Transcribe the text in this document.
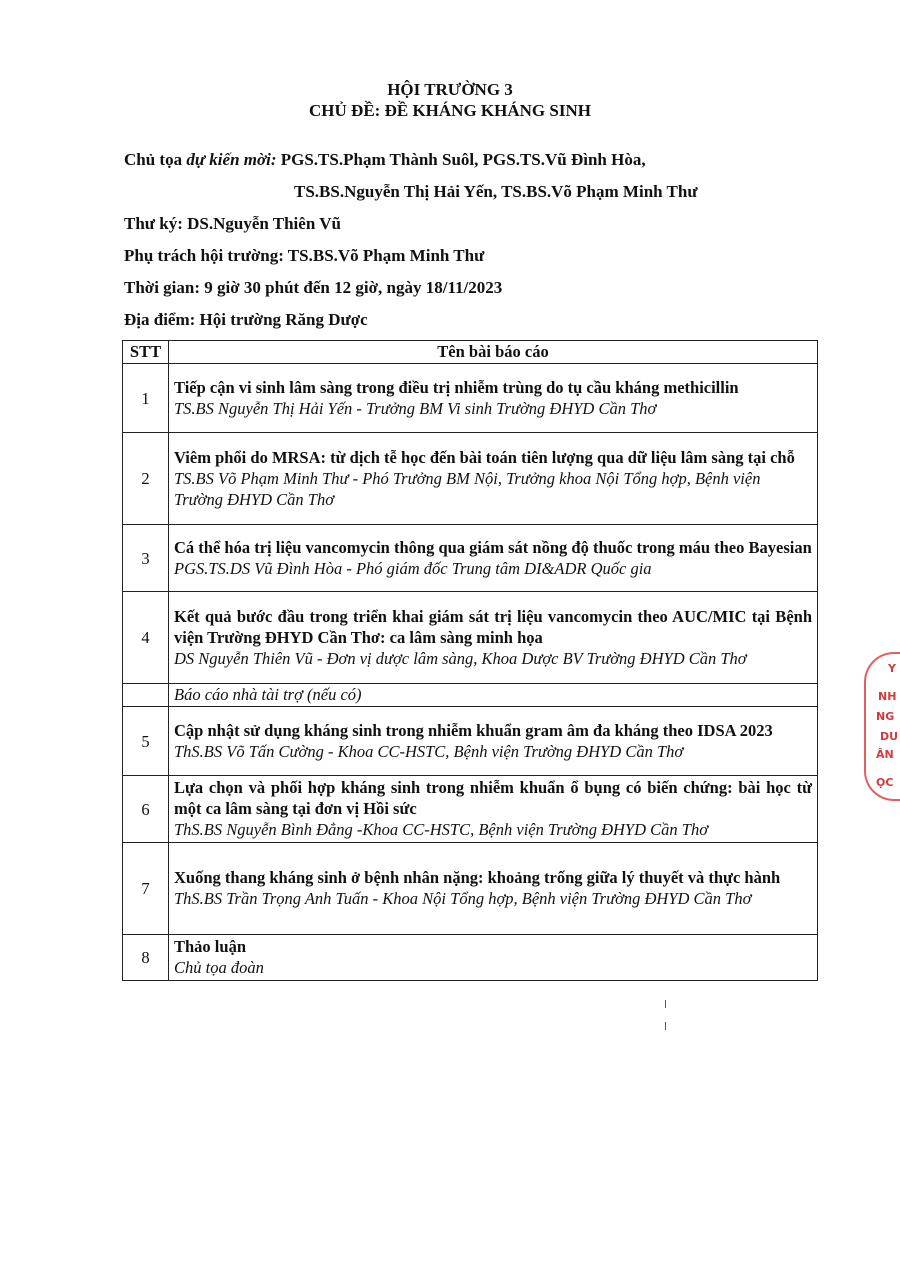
HỘI TRƯỜNG 3
CHỦ ĐỀ: ĐỀ KHÁNG KHÁNG SINH
Chủ tọa dự kiến mời: PGS.TS.Phạm Thành Suôl, PGS.TS.Vũ Đình Hòa,
TS.BS.Nguyễn Thị Hải Yến, TS.BS.Võ Phạm Minh Thư
Thư ký: DS.Nguyễn Thiên Vũ
Phụ trách hội trường: TS.BS.Võ Phạm Minh Thư
Thời gian: 9 giờ 30 phút đến 12 giờ, ngày 18/11/2023
Địa điểm: Hội trường Răng Dược
STT	Tên bài báo cáo
1	Tiếp cận vi sinh lâm sàng trong điều trị nhiễm trùng do tụ cầu kháng methicillin
TS.BS Nguyễn Thị Hải Yến - Trưởng BM Vi sinh Trường ĐHYD Cần Thơ

2	Viêm phổi do MRSA: từ dịch tễ học đến bài toán tiên lượng qua dữ liệu lâm sàng tại chỗ
TS.BS Võ Phạm Minh Thư - Phó Trưởng BM Nội, Trưởng khoa Nội Tổng hợp, Bệnh viện Trường ĐHYD Cần Thơ

3	Cá thể hóa trị liệu vancomycin thông qua giám sát nồng độ thuốc trong máu theo Bayesian
PGS.TS.DS Vũ Đình Hòa - Phó giám đốc Trung tâm DI&ADR Quốc gia

4	Kết quả bước đầu trong triển khai giám sát trị liệu vancomycin theo AUC/MIC tại Bệnh viện Trường ĐHYD Cần Thơ: ca lâm sàng minh họa
DS Nguyễn Thiên Vũ - Đơn vị dược lâm sàng, Khoa Dược BV Trường ĐHYD Cần Thơ

	Báo cáo nhà tài trợ (nếu có)

5	Cập nhật sử dụng kháng sinh trong nhiễm khuẩn gram âm đa kháng theo IDSA 2023
ThS.BS Võ Tấn Cường - Khoa CC-HSTC, Bệnh viện Trường ĐHYD Cần Thơ

6	Lựa chọn và phối hợp kháng sinh trong nhiễm khuẩn ổ bụng có biến chứng: bài học từ một ca lâm sàng tại đơn vị Hồi sức
ThS.BS Nguyễn Bình Đẳng -Khoa CC-HSTC, Bệnh viện Trường ĐHYD Cần Thơ

7	Xuống thang kháng sinh ở bệnh nhân nặng: khoảng trống giữa lý thuyết và thực hành
ThS.BS Trần Trọng Anh Tuấn - Khoa Nội Tổng hợp, Bệnh viện Trường ĐHYD Cần Thơ

8	Thảo luận
Chủ tọa đoàn
Y
NH
NG
DU
ÂN
ỌC
